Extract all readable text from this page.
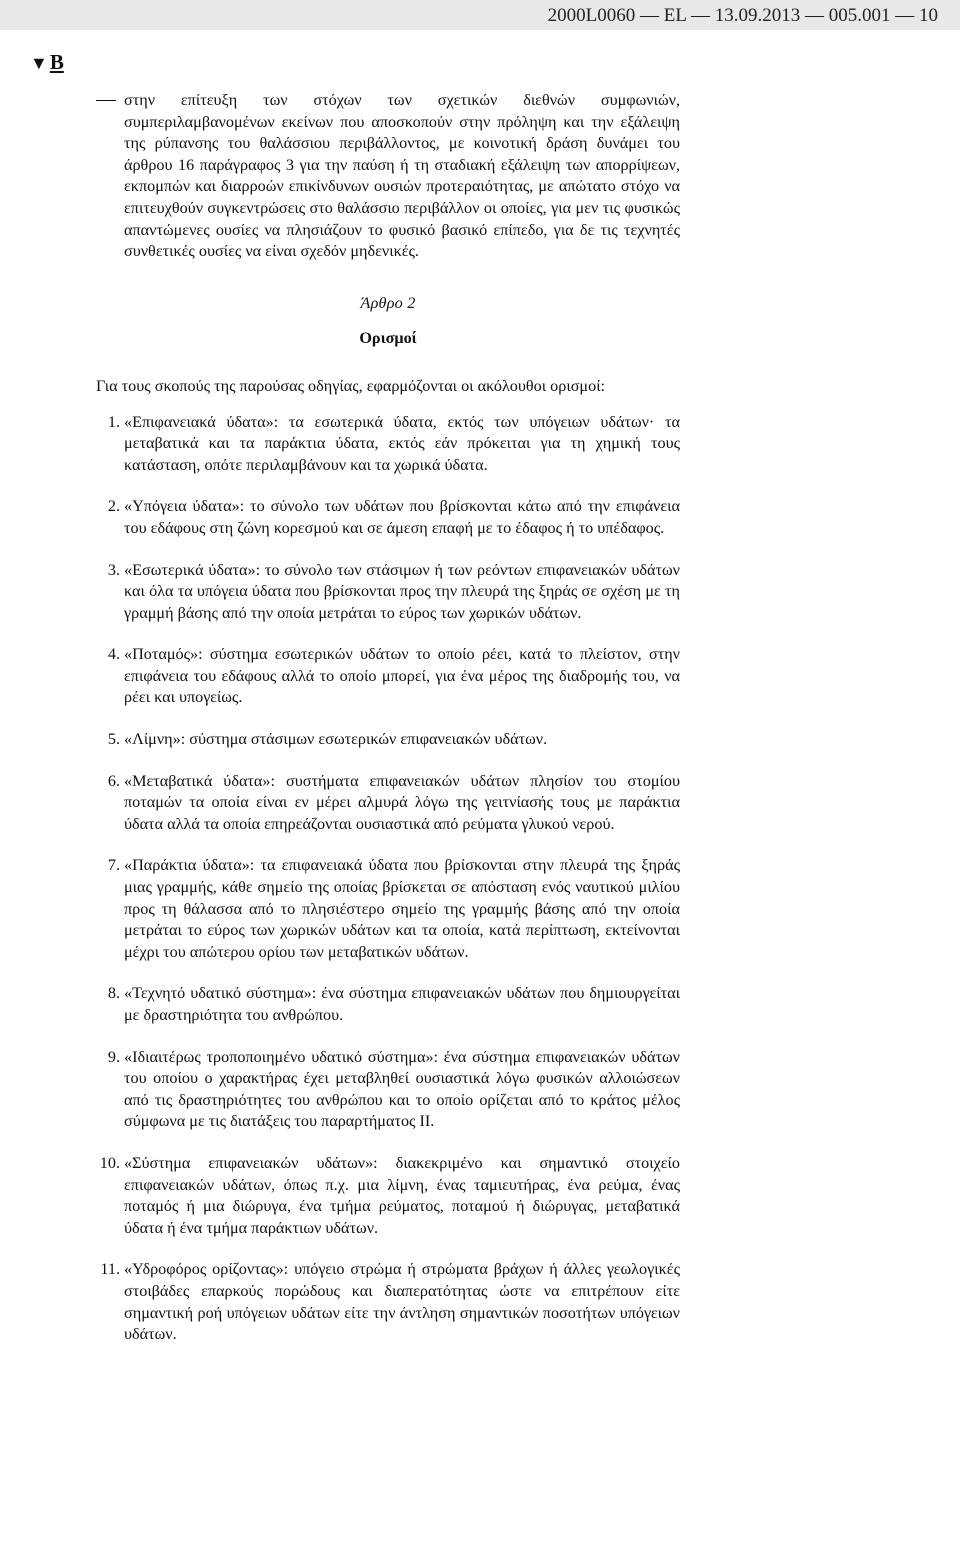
2000L0060 — EL — 13.09.2013 — 005.001 — 10
▼B

στην επίτευξη των στόχων των σχετικών διεθνών συμφωνιών, συμπεριλαμβανομένων εκείνων που αποσκοπούν στην πρόληψη και την εξάλειψη της ρύπανσης του θαλάσσιου περιβάλλοντος, με κοινοτική δράση δυνάμει του άρθρου 16 παράγραφος 3 για την παύση ή τη σταδιακή εξάλειψη των απορρίψεων, εκπομπών και διαρροών επικίνδυνων ουσιών προτεραιότητας, με απώτατο στόχο να επιτευχθούν συγκεντρώσεις στο θαλάσσιο περιβάλλον οι οποίες, για μεν τις φυσικώς απαντώμενες ουσίες να πλησιάζουν το φυσικό βασικό επίπεδο, για δε τις τεχνητές συνθετικές ουσίες να είναι σχεδόν μηδενικές.

Άρθρο 2
Ορισμοί
Για τους σκοπούς της παρούσας οδηγίας, εφαρμόζονται οι ακόλουθοι ορισμοί:
1. «Επιφανειακά ύδατα»: τα εσωτερικά ύδατα, εκτός των υπόγειων υδάτων· τα μεταβατικά και τα παράκτια ύδατα, εκτός εάν πρόκειται για τη χημική τους κατάσταση, οπότε περιλαμβάνουν και τα χωρικά ύδατα.
2. «Υπόγεια ύδατα»: το σύνολο των υδάτων που βρίσκονται κάτω από την επιφάνεια του εδάφους στη ζώνη κορεσμού και σε άμεση επαφή με το έδαφος ή το υπέδαφος.
3. «Εσωτερικά ύδατα»: το σύνολο των στάσιμων ή των ρεόντων επιφανειακών υδάτων και όλα τα υπόγεια ύδατα που βρίσκονται προς την πλευρά της ξηράς σε σχέση με τη γραμμή βάσης από την οποία μετράται το εύρος των χωρικών υδάτων.
4. «Ποταμός»: σύστημα εσωτερικών υδάτων το οποίο ρέει, κατά το πλείστον, στην επιφάνεια του εδάφους αλλά το οποίο μπορεί, για ένα μέρος της διαδρομής του, να ρέει και υπογείως.
5. «Λίμνη»: σύστημα στάσιμων εσωτερικών επιφανειακών υδάτων.
6. «Μεταβατικά ύδατα»: συστήματα επιφανειακών υδάτων πλησίον του στομίου ποταμών τα οποία είναι εν μέρει αλμυρά λόγω της γειτνίασής τους με παράκτια ύδατα αλλά τα οποία επηρεάζονται ουσιαστικά από ρεύματα γλυκού νερού.
7. «Παράκτια ύδατα»: τα επιφανειακά ύδατα που βρίσκονται στην πλευρά της ξηράς μιας γραμμής, κάθε σημείο της οποίας βρίσκεται σε απόσταση ενός ναυτικού μιλίου προς τη θάλασσα από το πλησιέστερο σημείο της γραμμής βάσης από την οποία μετράται το εύρος των χωρικών υδάτων και τα οποία, κατά περίπτωση, εκτείνονται μέχρι του απώτερου ορίου των μεταβατικών υδάτων.
8. «Τεχνητό υδατικό σύστημα»: ένα σύστημα επιφανειακών υδάτων που δημιουργείται με δραστηριότητα του ανθρώπου.
9. «Ιδιαιτέρως τροποποιημένο υδατικό σύστημα»: ένα σύστημα επιφανειακών υδάτων του οποίου ο χαρακτήρας έχει μεταβληθεί ουσιαστικά λόγω φυσικών αλλοιώσεων από τις δραστηριότητες του ανθρώπου και το οποίο ορίζεται από το κράτος μέλος σύμφωνα με τις διατάξεις του παραρτήματος II.
10. «Σύστημα επιφανειακών υδάτων»: διακεκριμένο και σημαντικό στοιχείο επιφανειακών υδάτων, όπως π.χ. μια λίμνη, ένας ταμιευτήρας, ένα ρεύμα, ένας ποταμός ή μια διώρυγα, ένα τμήμα ρεύματος, ποταμού ή διώρυγας, μεταβατικά ύδατα ή ένα τμήμα παράκτιων υδάτων.
11. «Υδροφόρος ορίζοντας»: υπόγειο στρώμα ή στρώματα βράχων ή άλλες γεωλογικές στοιβάδες επαρκούς πορώδους και διαπερατότητας ώστε να επιτρέπουν είτε σημαντική ροή υπόγειων υδάτων είτε την άντληση σημαντικών ποσοτήτων υπόγειων υδάτων.
